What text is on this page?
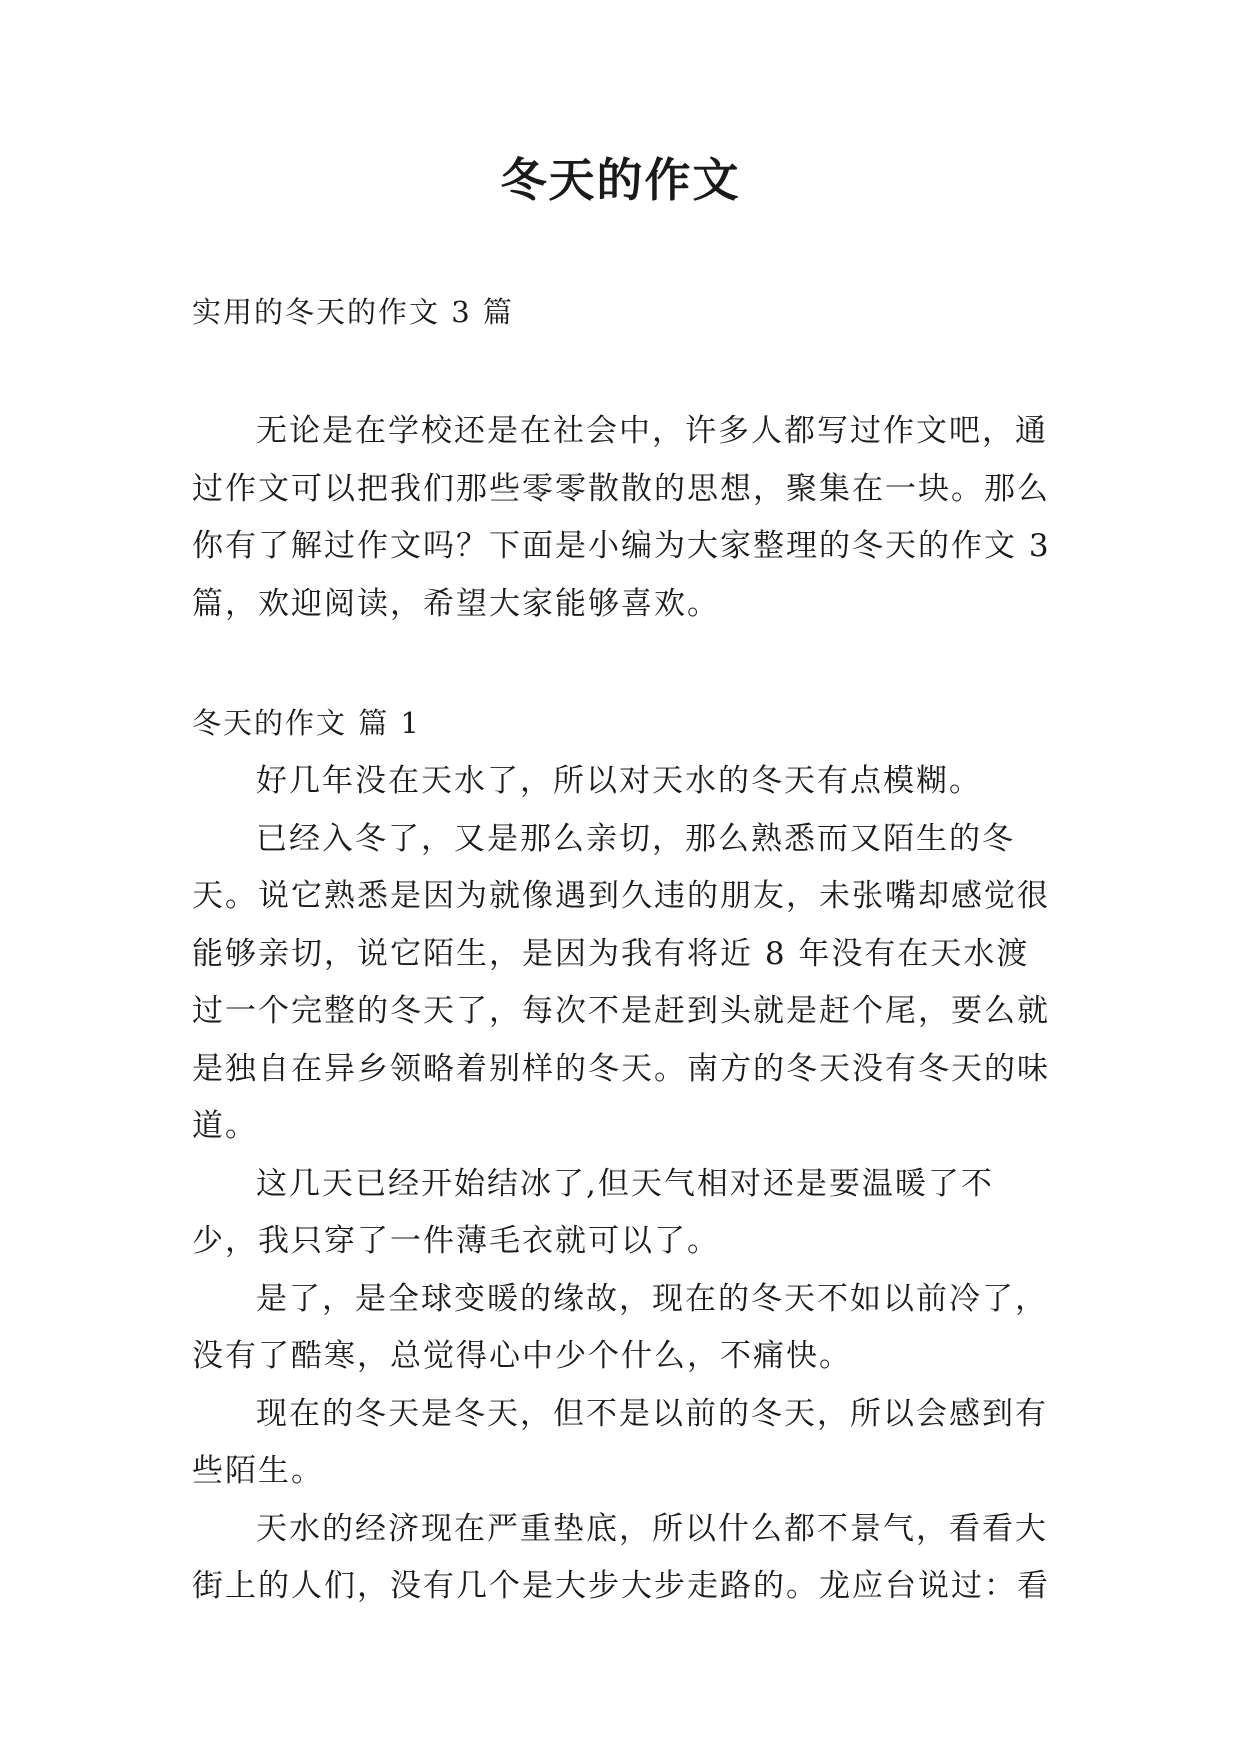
冬天的作文
实用的冬天的作文 3 篇
无论是在学校还是在社会中，许多人都写过作文吧，通过作文可以把我们那些零零散散的思想，聚集在一块。那么你有了解过作文吗？下面是小编为大家整理的冬天的作文 3 篇，欢迎阅读，希望大家能够喜欢。
冬天的作文 篇 1

好几年没在天水了，所以对天水的冬天有点模糊。

已经入冬了，又是那么亲切，那么熟悉而又陌生的冬天。说它熟悉是因为就像遇到久违的朋友，未张嘴却感觉很能够亲切，说它陌生，是因为我有将近 8 年没有在天水渡过一个完整的冬天了，每次不是赶到头就是赶个尾，要么就是独自在异乡领略着别样的冬天。南方的冬天没有冬天的味道。

这几天已经开始结冰了,但天气相对还是要温暖了不少，我只穿了一件薄毛衣就可以了。

是了，是全球变暖的缘故，现在的冬天不如以前冷了，没有了酷寒，总觉得心中少个什么，不痛快。

现在的冬天是冬天，但不是以前的冬天，所以会感到有些陌生。

天水的经济现在严重垫底，所以什么都不景气，看看大街上的人们，没有几个是大步大步走路的。龙应台说过：看
